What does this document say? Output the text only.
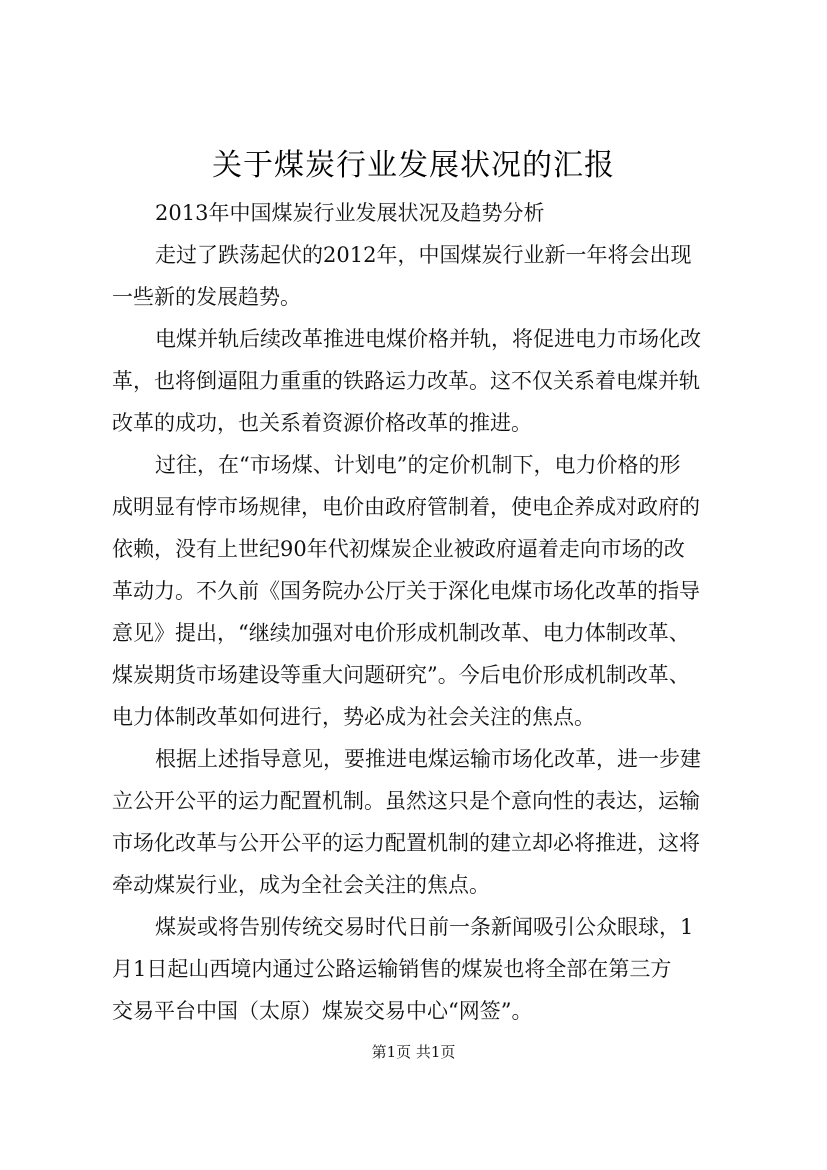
关于煤炭行业发展状况的汇报
2013年中国煤炭行业发展状况及趋势分析
走过了跌荡起伏的2012年，中国煤炭行业新一年将会出现
一些新的发展趋势。
电煤并轨后续改革推进电煤价格并轨，将促进电力市场化改
革，也将倒逼阻力重重的铁路运力改革。这不仅关系着电煤并轨
改革的成功，也关系着资源价格改革的推进。
过往，在“市场煤、计划电”的定价机制下，电力价格的形
成明显有悖市场规律，电价由政府管制着，使电企养成对政府的
依赖，没有上世纪90年代初煤炭企业被政府逼着走向市场的改
革动力。不久前《国务院办公厅关于深化电煤市场化改革的指导
意见》提出，“继续加强对电价形成机制改革、电力体制改革、
煤炭期货市场建设等重大问题研究”。今后电价形成机制改革、
电力体制改革如何进行，势必成为社会关注的焦点。
根据上述指导意见，要推进电煤运输市场化改革，进一步建
立公开公平的运力配置机制。虽然这只是个意向性的表达，运输
市场化改革与公开公平的运力配置机制的建立却必将推进，这将
牵动煤炭行业，成为全社会关注的焦点。
煤炭或将告别传统交易时代日前一条新闻吸引公众眼球，1
月1日起山西境内通过公路运输销售的煤炭也将全部在第三方
交易平台中国（太原）煤炭交易中心“网签”。
第1页 共1页
